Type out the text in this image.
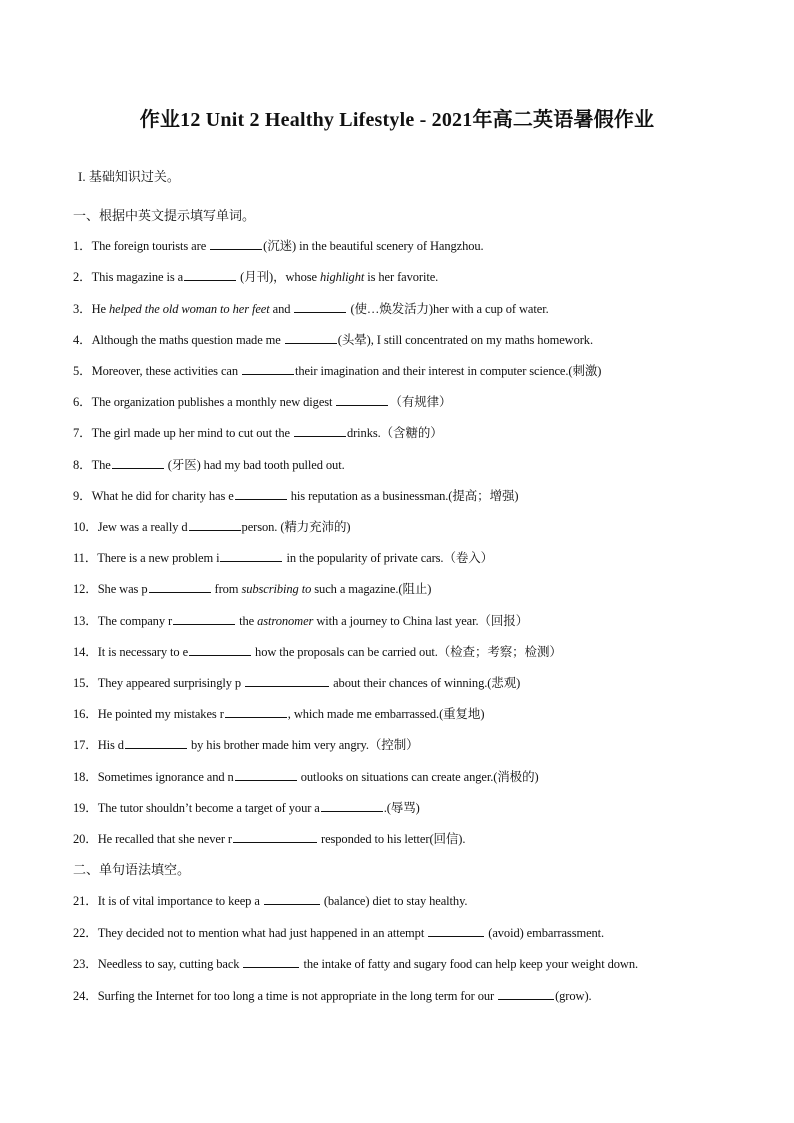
作业12 Unit 2 Healthy Lifestyle - 2021年高二英语暑假作业
I. 基础知识过关。
一、根据中英文提示填写单词。
1．The foreign tourists are	(沉迷) in the beautiful scenery of Hangzhou.
2．This magazine is a	(月刊)，whose highlight is her favorite.
3．He helped the old woman to her feet and	(使…焕发活力)her with a cup of water.
4．Although the maths question made me	(头晕), I still concentrated on my maths homework.
5．Moreover, these activities can	their imagination and their interest in computer science.(刺激)
6．The organization publishes a monthly new digest	（有规律）
7．The girl made up her mind to cut out the	drinks.（含糖的）
8．The	(牙医) had my bad tooth pulled out.
9．What he did for charity has e	his reputation as a businessman.(提高；增强)
10．Jew was a really d	person. (精力充沛的)
11．There is a new problem i	in the popularity of private cars.（卷入）
12．She was p	from subscribing to such a magazine.(阻止)
13．The company r	the astronomer with a journey to China last year.（回报）
14．It is necessary to e	how the proposals can be carried out.（检查；考察；检测）
15．They appeared surprisingly p	about their chances of winning.(悲观)
16．He pointed my mistakes r	, which made me embarrassed.(重复地)
17．His d	by his brother made him very angry.（控制）
18．Sometimes ignorance and n	outlooks on situations can create anger.(消极的)
19．The tutor shouldn’t become a target of your a	.(辱骂)
20．He recalled that she never r	responded to his letter(回信).
二、单句语法填空。
21．It is of vital importance to keep a	(balance) diet to stay healthy.
22．They decided not to mention what had just happened in an attempt	(avoid) embarrassment.
23．Needless to say, cutting back	the intake of fatty and sugary food can help keep your weight down.
24．Surfing the Internet for too long a time is not appropriate in the long term for our	(grow).
